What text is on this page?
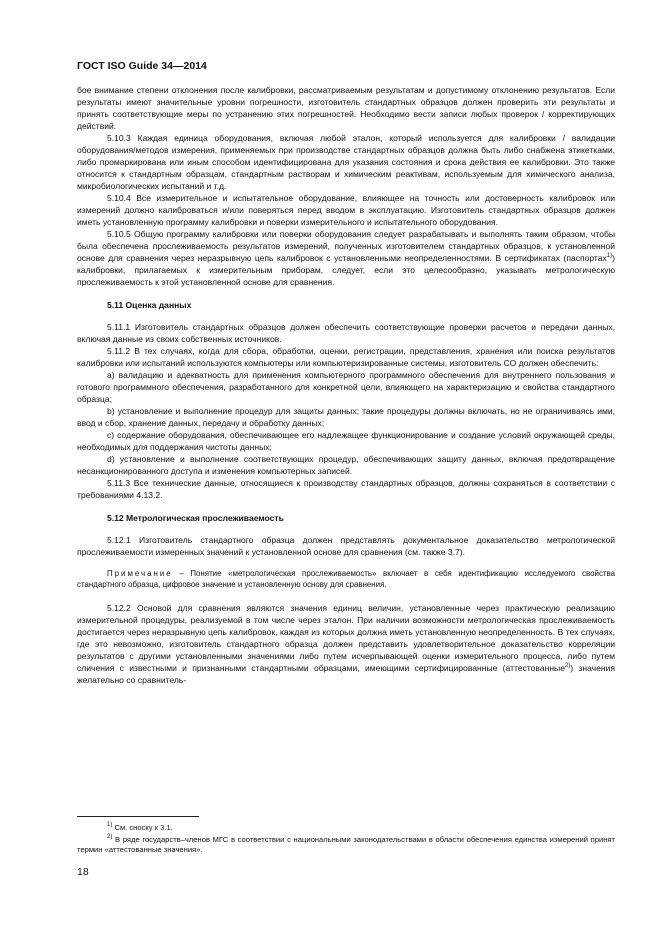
ГОСТ ISO Guide 34—2014

бое внимание степени отклонения после калибровки, рассматриваемым результатам и допустимому отклонению результатов. Если результаты имеют значительные уровни погрешности, изготовитель стандартных образцов должен проверить эти результаты и принять соответствующие меры по устранению этих погрешностей. Необходимо вести записи любых проверок / корректирующих действий.

5.10.3 Каждая единица оборудования, включая любой эталон, который используется для калибровки / валидации оборудования/методов измерения, применяемых при производстве стандартных образцов должна быть либо снабжена этикетками, либо промаркирована или иным способом идентифицирована для указания состояния и срока действия ее калибровки. Это также относится к стандартным образцам, стандартным растворам и химическим реактивам, используемым для химического анализа, микробиологических испытаний и т.д.

5.10.4 Все измерительное и испытательное оборудование, влияющее на точность или достоверность калибровок или измерений должно калиброваться и/или поверяться перед вводом в эксплуатацию. Изготовитель стандартных образцов должен иметь установленную программу калибровки и поверки измерительного и испытательного оборудования.

5.10.5 Общую программу калибровки или поверки оборудования следует разрабатывать и выполнять таким образом, чтобы была обеспечена прослеживаемость результатов измерений, полученных изготовителем стандартных образцов, к установленной основе для сравнения через неразрывную цепь калибровок с установленными неопределенностями. В сертификатах (паспортах$^{1)}$) калибровки, прилагаемых к измерительным приборам, следует, если это целесообразно, указывать метрологическую прослеживаемость к этой установленной основе для сравнения.

5.11 Оценка данных

5.11.1 Изготовитель стандартных образцов должен обеспечить соответствующие проверки расчетов и передачи данных, включая данные из своих собственных источников.

5.11.2 В тех случаях, когда для сбора, обработки, оценки, регистрации, представления, хранения или поиска результатов калибровки или испытаний используются компьютеры или компьютеризированные системы, изготовитель СО должен обеспечить:

a) валидацию и адекватность для применения компьютерного программного обеспечения для внутреннего пользования и готового программного обеспечения, разработанного для конкретной цели, влияющего на характеризацию и свойства стандартного образца;

b) установление и выполнение процедур для защиты данных; такие процедуры должны включать, но не ограничиваясь ими, ввод и сбор, хранение данных, передачу и обработку данных;

c) содержание оборудования, обеспечивающее его надлежащее функционирование и создание условий окружающей среды, необходимых для поддержания чистоты данных;

d) установление и выполнение соответствующих процедур, обеспечивающих защиту данных, включая предотвращение несанкционированного доступа и изменения компьютерных записей.

5.11.3 Все технические данные, относящиеся к производству стандартных образцов, должны сохраняться в соответствии с требованиями 4.13.2.

5.12 Метрологическая прослеживаемость

5.12.1 Изготовитель стандартного образца должен представлять документальное доказательство метрологической прослеживаемости измеренных значений к установленной основе для сравнения (см. также 3.7).

Примечание – Понятие «метрологическая прослеживаемость» включает в себя идентификацию исследуемого свойства стандартного образца, цифровое значение и установленную основу для сравнения.

5.12.2 Основой для сравнения являются значения единиц величин, установленные через практическую реализацию измерительной процедуры, реализуемой в том числе через эталон. При наличии возможности метрологическая прослеживаемость достигается через неразрывную цепь калибровок, каждая из которых должна иметь установленную неопределенность. В тех случаях, где это невозможно, изготовитель стандартного образца должен представить удовлетворительное доказательство корреляции результатов с другими установленными значениями либо путем исчерпывающей оценки измерительного процесса, либо путем сличения с известными и признанными стандартными образцами, имеющими сертифицированные (аттестованные$^{2)}$) значения желательно со сравнитель-

$^{1)}$ См. сноску к 3.1.

$^{2)}$ В ряде государств–членов МГС в соответствии с национальными законодательствами в области обеспечения единства измерений принят термин «аттестованные значения».

18
